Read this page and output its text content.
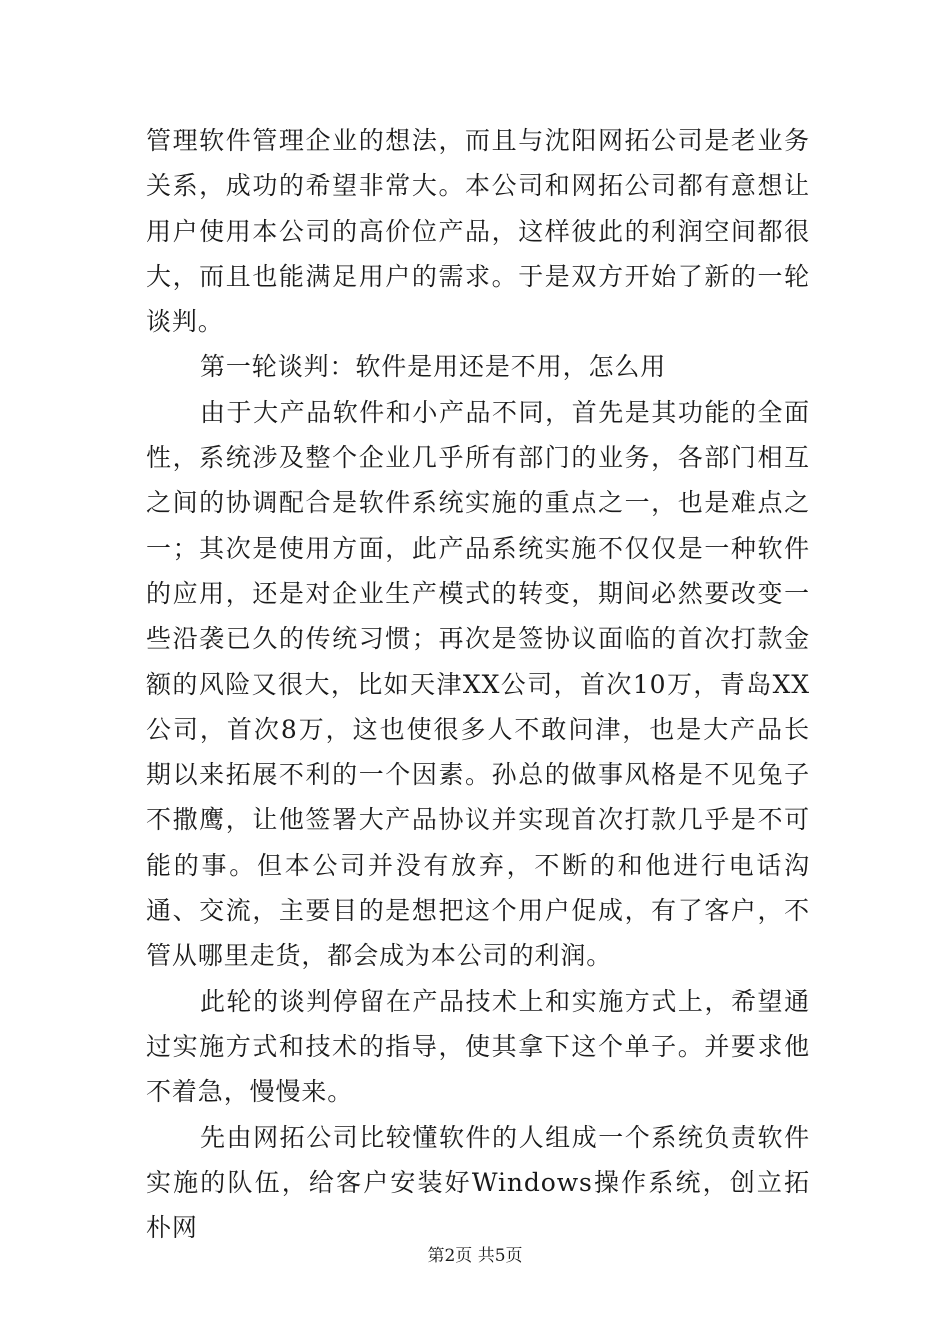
管理软件管理企业的想法，而且与沈阳网拓公司是老业务关系，成功的希望非常大。本公司和网拓公司都有意想让用户使用本公司的高价位产品，这样彼此的利润空间都很大，而且也能满足用户的需求。于是双方开始了新的一轮谈判。

第一轮谈判：软件是用还是不用，怎么用

由于大产品软件和小产品不同，首先是其功能的全面性，系统涉及整个企业几乎所有部门的业务，各部门相互之间的协调配合是软件系统实施的重点之一，也是难点之一；其次是使用方面，此产品系统实施不仅仅是一种软件的应用，还是对企业生产模式的转变，期间必然要改变一些沿袭已久的传统习惯；再次是签协议面临的首次打款金额的风险又很大，比如天津XX公司，首次10万，青岛XX公司，首次8万，这也使很多人不敢问津，也是大产品长期以来拓展不利的一个因素。孙总的做事风格是不见兔子不撒鹰，让他签署大产品协议并实现首次打款几乎是不可能的事。但本公司并没有放弃，不断的和他进行电话沟通、交流，主要目的是想把这个用户促成，有了客户，不管从哪里走货，都会成为本公司的利润。

此轮的谈判停留在产品技术上和实施方式上，希望通过实施方式和技术的指导，使其拿下这个单子。并要求他不着急，慢慢来。

先由网拓公司比较懂软件的人组成一个系统负责软件实施的队伍，给客户安装好Windows操作系统，创立拓朴网

第2页 共5页
